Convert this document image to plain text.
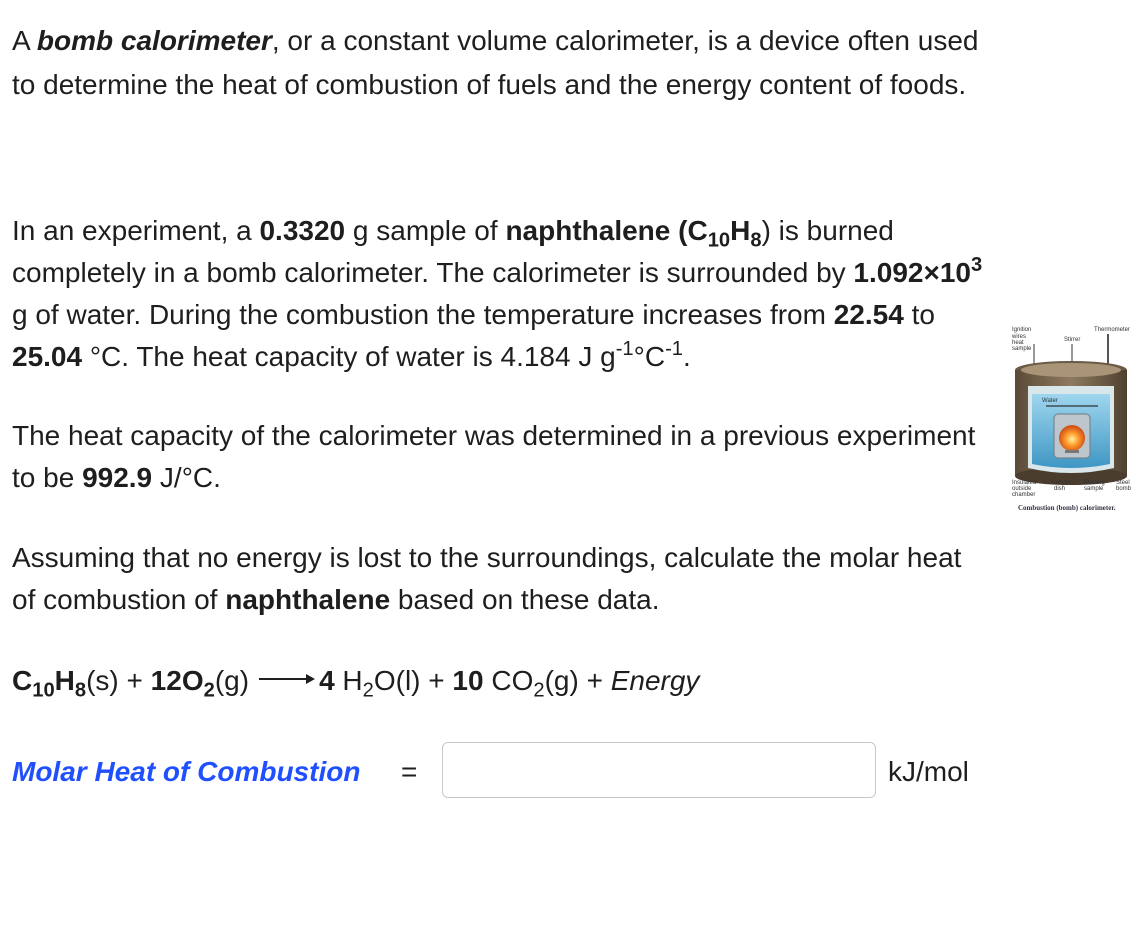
A bomb calorimeter, or a constant volume calorimeter, is a device often used to determine the heat of combustion of fuels and the energy content of foods.

In an experiment, a 0.3320 g sample of naphthalene $(C_{10}H_8)$ is burned completely in a bomb calorimeter. The calorimeter is surrounded by $1.092\times 10^3$ g of water. During the combustion the temperature increases from 22.54 to 25.04 °C. The heat capacity of water is 4.184 J $g^{-1}^\circ C^{-1}$.

The heat capacity of the calorimeter was determined in a previous experiment to be 992.9 J/°C.

Assuming that no energy is lost to the surroundings, calculate the molar heat of combustion of naphthalene based on these data.

$C_{10}H_8(s) + 12O_2(g)$	4 $H_2O(l) + 10$ $CO_2(g)$ + Energy

Molar Heat of Combustion =	kJ/mol
Ignition
wires
heat
sample
Thermometer
Stirrer
Water
Insulated
outside
chamber
Sample
dish
Burning
sample
Steel
bomb
Combustion (bomb) calorimeter.
